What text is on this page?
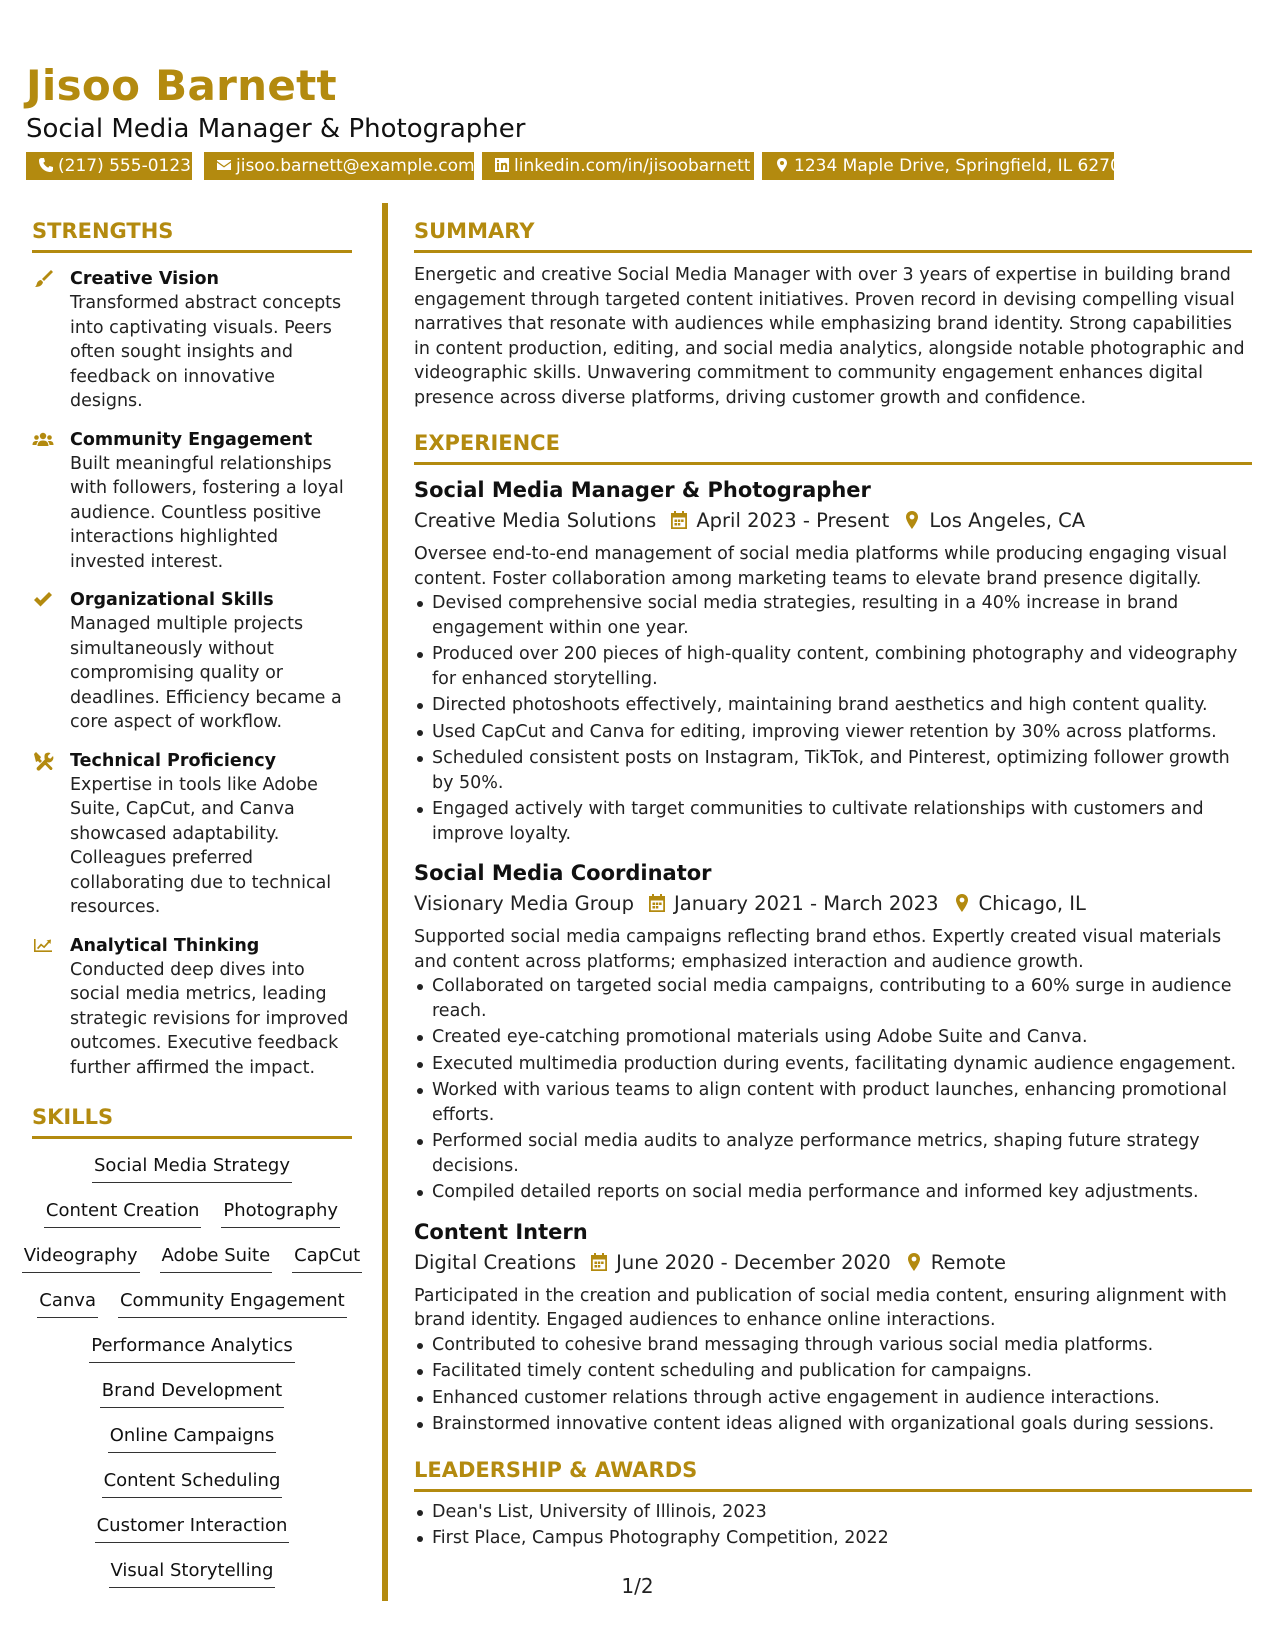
Jisoo Barnett
Social Media Manager & Photographer
(217) 555-0123	jisoo.barnett@example.com	linkedin.com/in/jisoobarnett	1234 Maple Drive, Springfield, IL 62704
STRENGTHS
Creative Vision
Transformed abstract concepts into captivating visuals. Peers often sought insights and feedback on innovative designs.
Community Engagement
Built meaningful relationships with followers, fostering a loyal audience. Countless positive interactions highlighted invested interest.
Organizational Skills
Managed multiple projects simultaneously without compromising quality or deadlines. Efficiency became a core aspect of workflow.
Technical Proficiency
Expertise in tools like Adobe Suite, CapCut, and Canva showcased adaptability. Colleagues preferred collaborating due to technical resources.
Analytical Thinking
Conducted deep dives into social media metrics, leading strategic revisions for improved outcomes. Executive feedback further affirmed the impact.
SKILLS
Social Media Strategy
Content Creation Photography
Videography Adobe Suite CapCut
Canva Community Engagement
Performance Analytics
Brand Development
Online Campaigns
Content Scheduling
Customer Interaction
Visual Storytelling
SUMMARY
Energetic and creative Social Media Manager with over 3 years of expertise in building brand engagement through targeted content initiatives. Proven record in devising compelling visual narratives that resonate with audiences while emphasizing brand identity. Strong capabilities in content production, editing, and social media analytics, alongside notable photographic and videographic skills. Unwavering commitment to community engagement enhances digital presence across diverse platforms, driving customer growth and confidence.
EXPERIENCE
Social Media Manager & Photographer
Creative Media Solutions April 2023 - Present Los Angeles, CA
Oversee end-to-end management of social media platforms while producing engaging visual content. Foster collaboration among marketing teams to elevate brand presence digitally.
Devised comprehensive social media strategies, resulting in a 40% increase in brand engagement within one year.
Produced over 200 pieces of high-quality content, combining photography and videography for enhanced storytelling.
Directed photoshoots effectively, maintaining brand aesthetics and high content quality.
Used CapCut and Canva for editing, improving viewer retention by 30% across platforms.
Scheduled consistent posts on Instagram, TikTok, and Pinterest, optimizing follower growth by 50%.
Engaged actively with target communities to cultivate relationships with customers and improve loyalty.
Social Media Coordinator
Visionary Media Group January 2021 - March 2023 Chicago, IL
Supported social media campaigns reflecting brand ethos. Expertly created visual materials and content across platforms; emphasized interaction and audience growth.
Collaborated on targeted social media campaigns, contributing to a 60% surge in audience reach.
Created eye-catching promotional materials using Adobe Suite and Canva.
Executed multimedia production during events, facilitating dynamic audience engagement.
Worked with various teams to align content with product launches, enhancing promotional efforts.
Performed social media audits to analyze performance metrics, shaping future strategy decisions.
Compiled detailed reports on social media performance and informed key adjustments.
Content Intern
Digital Creations June 2020 - December 2020 Remote
Participated in the creation and publication of social media content, ensuring alignment with brand identity. Engaged audiences to enhance online interactions.
Contributed to cohesive brand messaging through various social media platforms.
Facilitated timely content scheduling and publication for campaigns.
Enhanced customer relations through active engagement in audience interactions.
Brainstormed innovative content ideas aligned with organizational goals during sessions.
LEADERSHIP & AWARDS
Dean's List, University of Illinois, 2023
First Place, Campus Photography Competition, 2022
1/2
